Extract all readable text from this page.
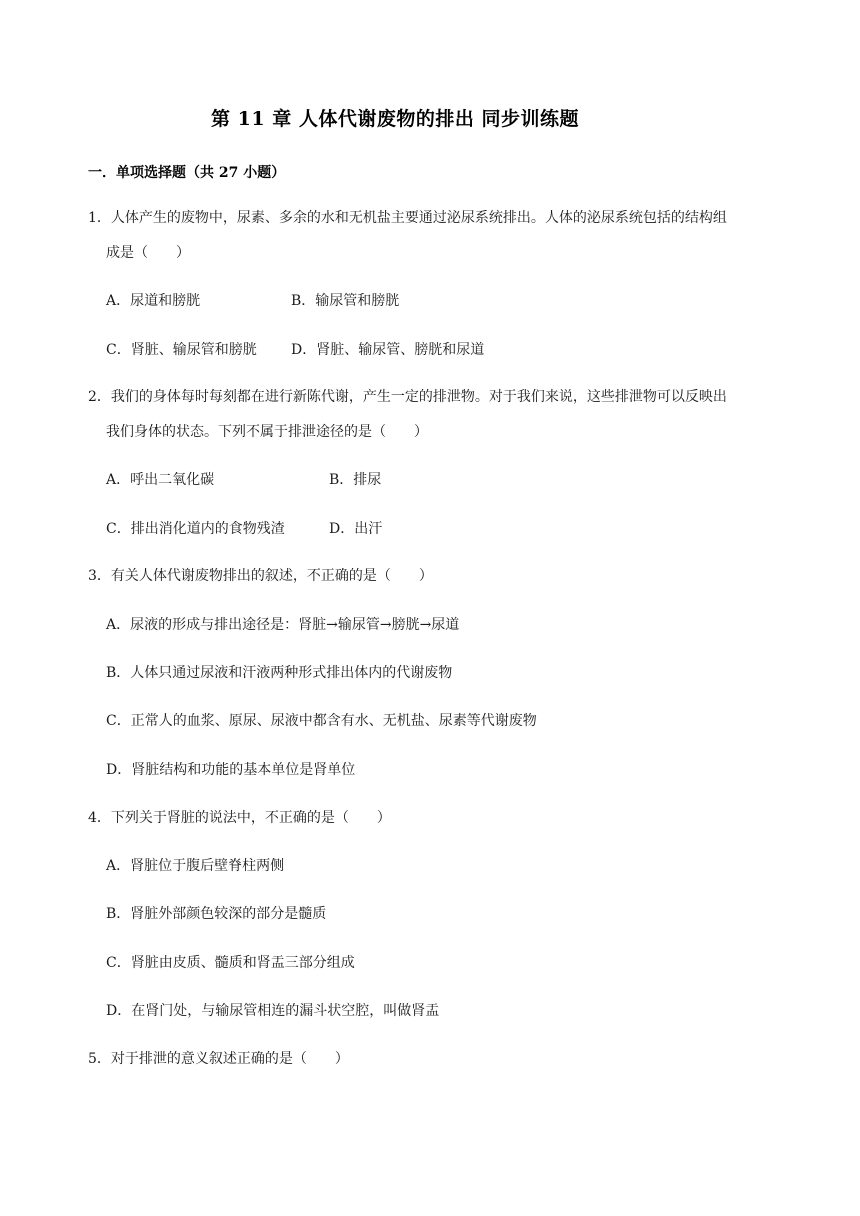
第 11 章 人体代谢废物的排出 同步训练题
一．单项选择题（共 27 小题）
1．人体产生的废物中，尿素、多余的水和无机盐主要通过泌尿系统排出。人体的泌尿系统包括的结构组
成是（　　）
A．尿道和膀胱	B．输尿管和膀胱
C．肾脏、输尿管和膀胱 D．肾脏、输尿管、膀胱和尿道
2．我们的身体每时每刻都在进行新陈代谢，产生一定的排泄物。对于我们来说，这些排泄物可以反映出
我们身体的状态。下列不属于排泄途径的是（　　）
A．呼出二氧化碳	B．排尿
C．排出消化道内的食物残渣	D．出汗
3．有关人体代谢废物排出的叙述，不正确的是（　　）
A．尿液的形成与排出途径是：肾脏→输尿管→膀胱→尿道
B．人体只通过尿液和汗液两种形式排出体内的代谢废物
C．正常人的血浆、原尿、尿液中都含有水、无机盐、尿素等代谢废物
D．肾脏结构和功能的基本单位是肾单位
4．下列关于肾脏的说法中，不正确的是（　　）
A．肾脏位于腹后壁脊柱两侧
B．肾脏外部颜色较深的部分是髓质
C．肾脏由皮质、髓质和肾盂三部分组成
D．在肾门处，与输尿管相连的漏斗状空腔，叫做肾盂
5．对于排泄的意义叙述正确的是（　　）
